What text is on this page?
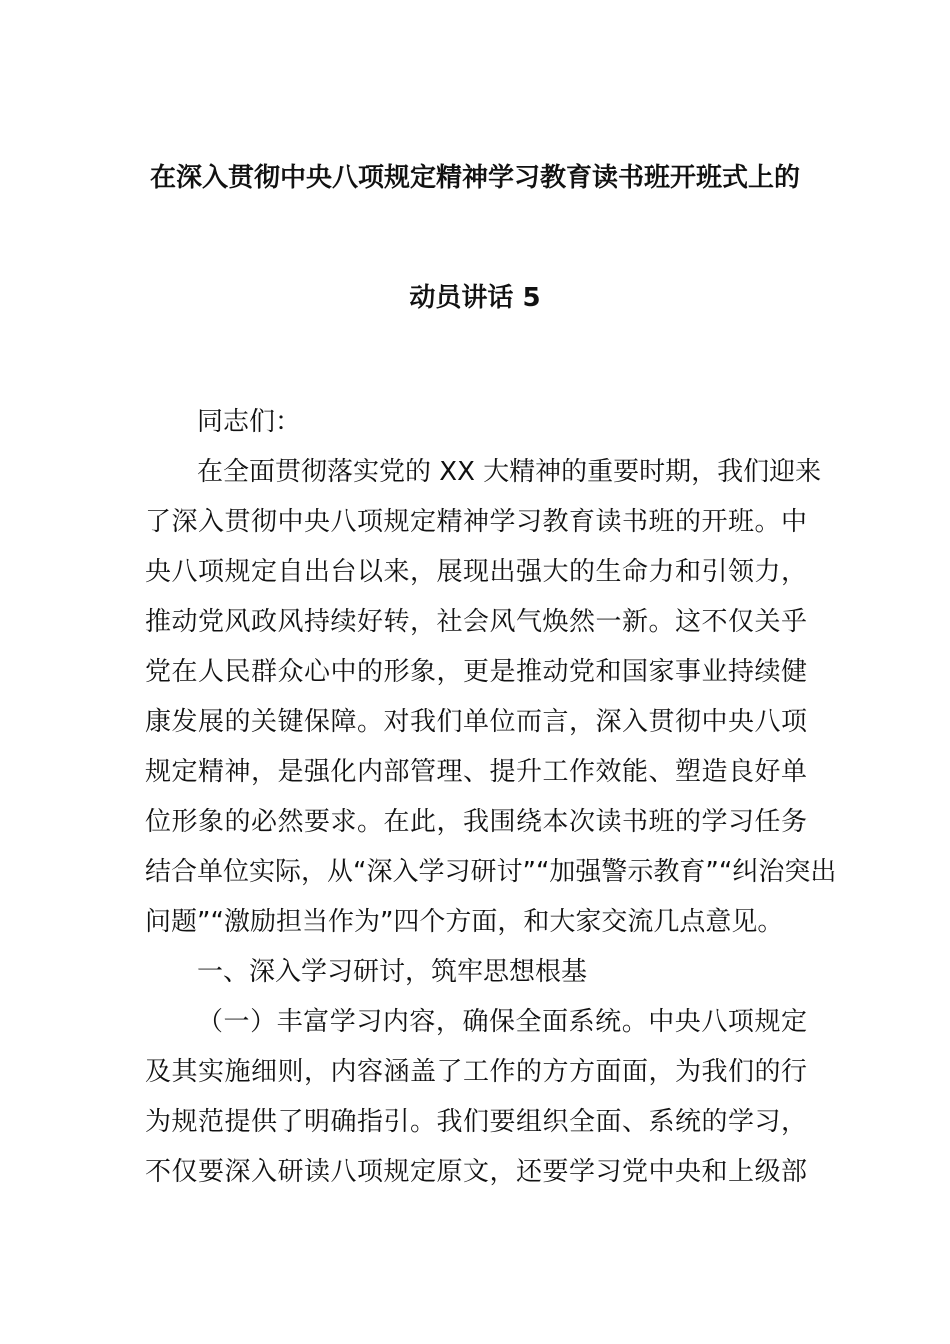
在深入贯彻中央八项规定精神学习教育读书班开班式上的
动员讲话 5
同志们：
在全面贯彻落实党的 XX 大精神的重要时期，我们迎来
了深入贯彻中央八项规定精神学习教育读书班的开班。中
央八项规定自出台以来，展现出强大的生命力和引领力，
推动党风政风持续好转，社会风气焕然一新。这不仅关乎
党在人民群众心中的形象，更是推动党和国家事业持续健
康发展的关键保障。对我们单位而言，深入贯彻中央八项
规定精神，是强化内部管理、提升工作效能、塑造良好单
位形象的必然要求。在此，我围绕本次读书班的学习任务
结合单位实际，从“深入学习研讨”“加强警示教育”“纠治突出
问题”“激励担当作为”四个方面，和大家交流几点意见。
一、深入学习研讨，筑牢思想根基
（一）丰富学习内容，确保全面系统。中央八项规定
及其实施细则，内容涵盖了工作的方方面面，为我们的行
为规范提供了明确指引。我们要组织全面、系统的学习，
不仅要深入研读八项规定原文，还要学习党中央和上级部
